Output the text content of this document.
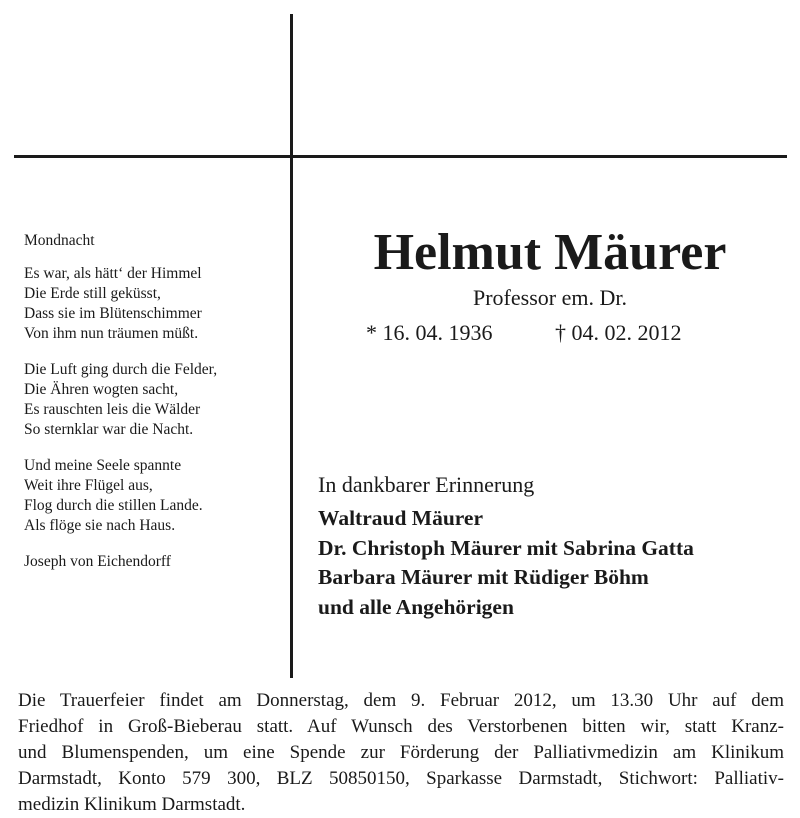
Mondnacht
Es war, als hätt‘ der Himmel
Die Erde still geküsst,
Dass sie im Blütenschimmer
Von ihm nun träumen müßt.
Die Luft ging durch die Felder,
Die Ähren wogten sacht,
Es rauschten leis die Wälder
So sternklar war die Nacht.
Und meine Seele spannte
Weit ihre Flügel aus,
Flog durch die stillen Lande.
Als flöge sie nach Haus.
Joseph von Eichendorff
Helmut Mäurer
Professor em. Dr.
* 16. 04. 1936	† 04. 02. 2012
In dankbarer Erinnerung
Waltraud Mäurer
Dr. Christoph Mäurer mit Sabrina Gatta
Barbara Mäurer mit Rüdiger Böhm
und alle Angehörigen
Die Trauerfeier findet am Donnerstag, dem 9. Februar 2012, um 13.30 Uhr auf dem
Friedhof in Groß-Bieberau statt. Auf Wunsch des Verstorbenen bitten wir, statt Kranz-
und Blumenspenden, um eine Spende zur Förderung der Palliativmedizin am Klinikum
Darmstadt, Konto 579 300, BLZ 50850150, Sparkasse Darmstadt, Stichwort: Palliativ-
medizin Klinikum Darmstadt.
